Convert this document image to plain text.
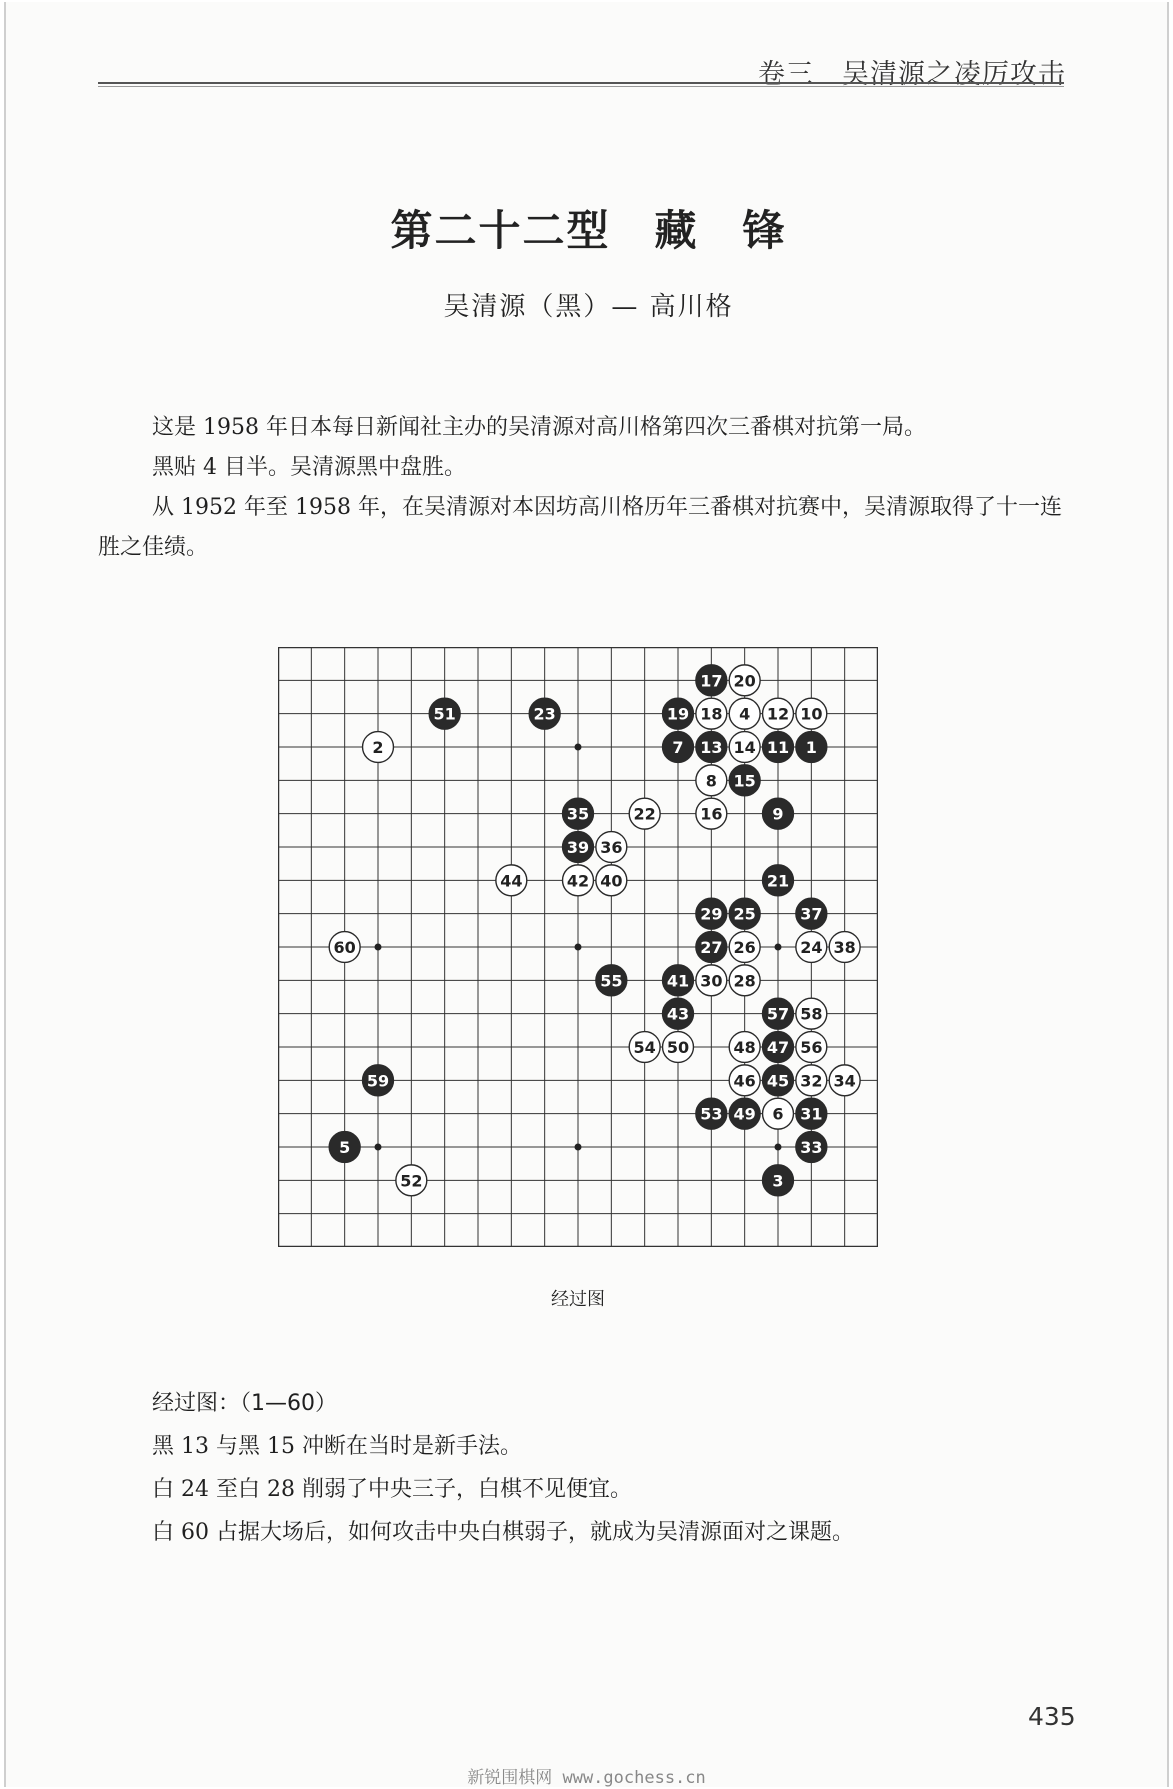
卷三　吴清源之凌厉攻击
第二十二型　藏　锋
吴清源（黑）— 高川格

这是 1958 年日本每日新闻社主办的吴清源对高川格第四次三番棋对抗第一局。

黑贴 4 目半。吴清源黑中盘胜。

从 1952 年至 1958 年，在吴清源对本因坊高川格历年三番棋对抗赛中，吴清源取得了十一连胜之佳绩。

1
2
3
4
5
6
7
8
9
10
11
12
13 14
15
16
17
18
19
20
21
22
23
24
25
26
27
28
29
30
31
32
33
34
35
36
37
38
39
40
41
42
43
44
45
46
47
48
49
50
51
52
53
54
55
56
57 58
59
60
经过图

经过图：（1—60）

黑 13 与黑 15 冲断在当时是新手法。

白 24 至白 28 削弱了中央三子，白棋不见便宜。

白 60 占据大场后，如何攻击中央白棋弱子，就成为吴清源面对之课题。

435
新锐围棋网 www.gochess.cn
